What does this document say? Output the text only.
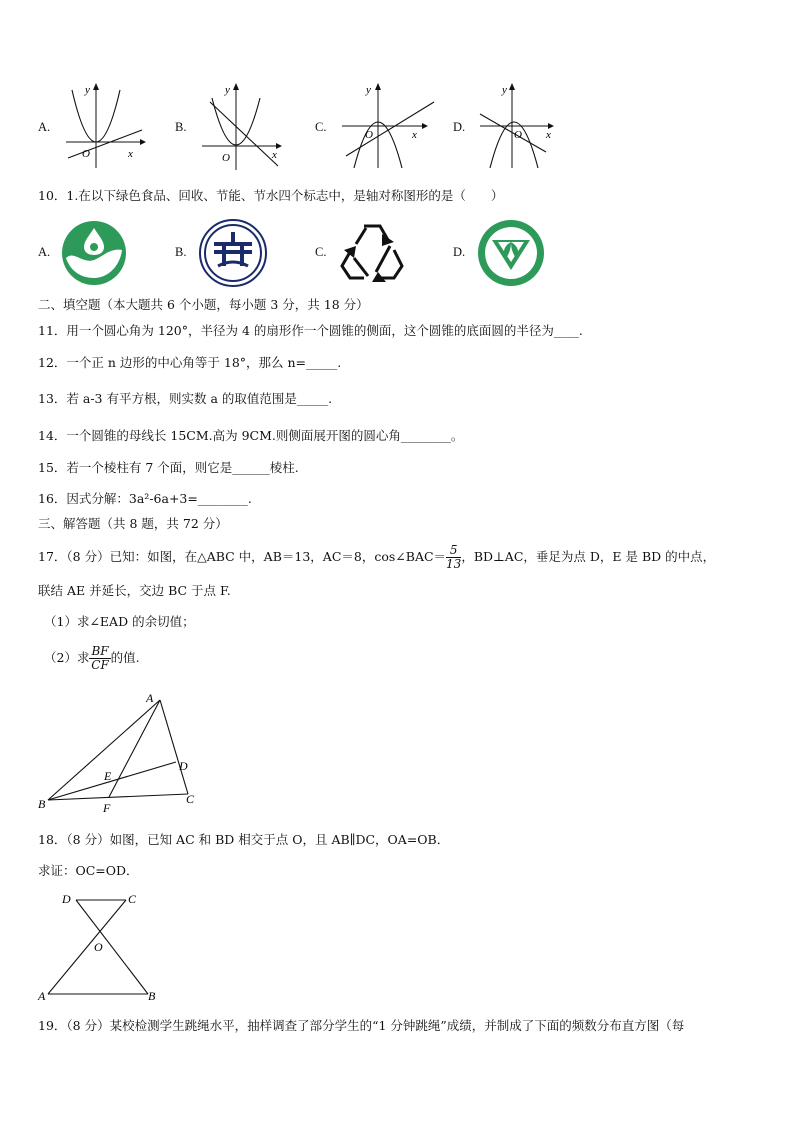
A.
y
x
O
B.
y
x
O
C.
y
x
O
D.
y
x
O
10．1.在以下绿色食品、回收、节能、节水四个标志中，是轴对称图形的是（　　）
A.	B.	C.	D.
二、填空题（本大题共 6 个小题，每小题 3 分，共 18 分）
11．用一个圆心角为 120°，半径为 4 的扇形作一个圆锥的侧面，这个圆锥的底面圆的半径为____.
12．一个正 n 边形的中心角等于 18°，那么 n=_____.
13．若 a-3 有平方根，则实数 a 的取值范围是_____.
14．一个圆锥的母线长 15CM.高为 9CM.则侧面展开图的圆心角________。
15．若一个棱柱有 7 个面，则它是______棱柱.
16．因式分解：3a²-6a+3=________.
三、解答题（共 8 题，共 72 分）
17．（8 分）已知：如图，在△ABC 中，AB＝13，AC＝8，cos∠BAC＝ $\frac{5}{13}$ ，BD⊥AC，垂足为点 D，E 是 BD 的中点，
联结 AE 并延长，交边 BC 于点 F.
（1）求∠EAD 的余切值；
（2）求 $\frac{BF}{CF}$ 的值.
A
B	C
D
E
F
18．（8 分）如图，已知 AC 和 BD 相交于点 O，且 AB∥DC，OA=OB．
求证：OC=OD．
D	C
O
A	B
19．（8 分）某校检测学生跳绳水平，抽样调查了部分学生的“1 分钟跳绳”成绩，并制成了下面的频数分布直方图（每
